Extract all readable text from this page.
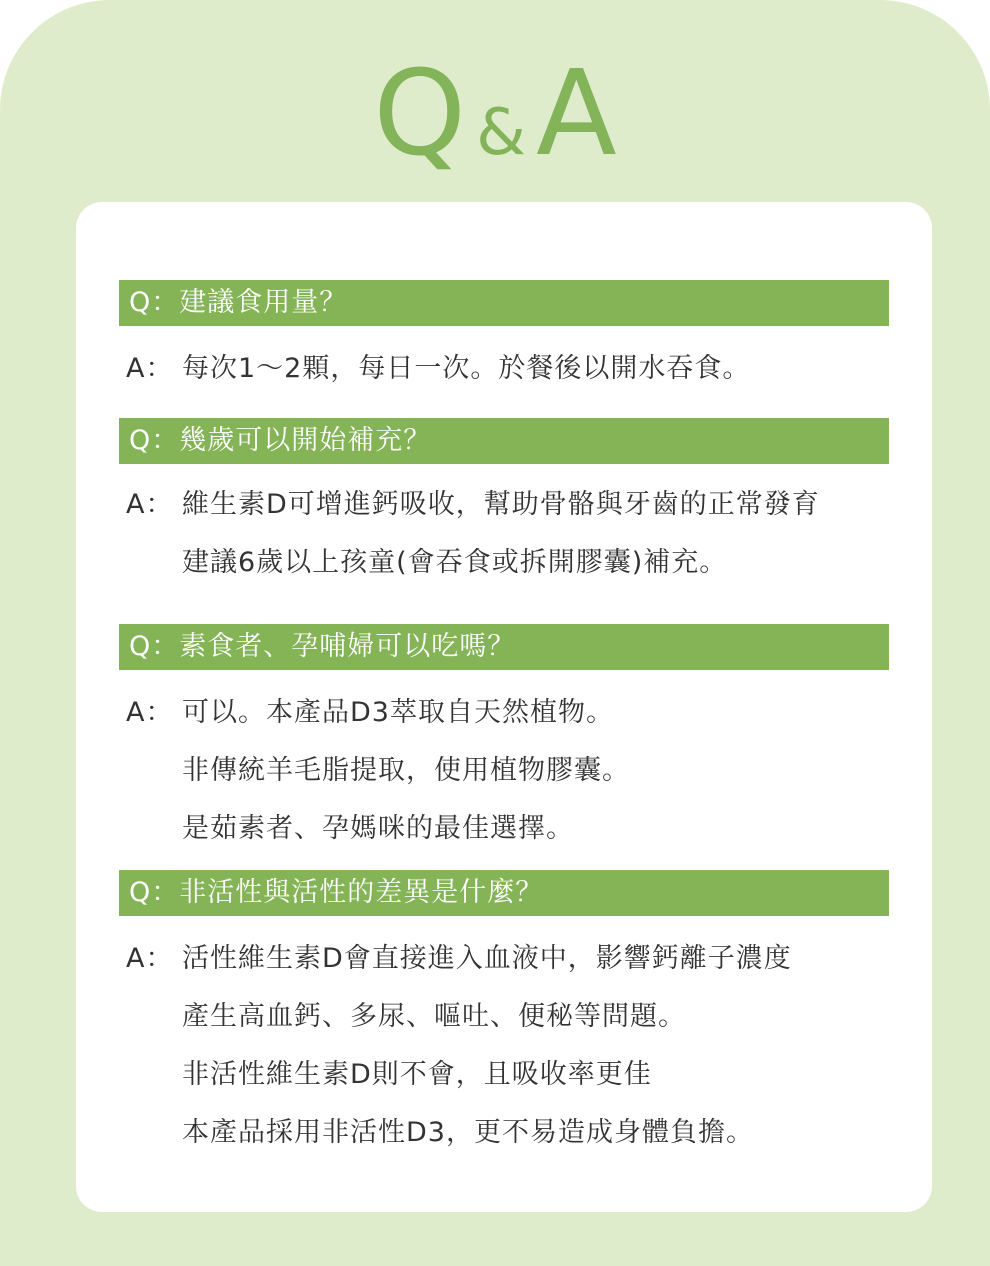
Q &A
Q：建議食用量？
A： 每次1～2顆，每日一次。於餐後以開水吞食。
Q：幾歲可以開始補充？
A： 維生素D可增進鈣吸收，幫助骨骼與牙齒的正常發育
建議6歲以上孩童(會吞食或拆開膠囊)補充。
Q：素食者、孕哺婦可以吃嗎？
A： 可以。本產品D3萃取自天然植物。
非傳統羊毛脂提取，使用植物膠囊。
是茹素者、孕媽咪的最佳選擇。
Q：非活性與活性的差異是什麼？
A： 活性維生素D會直接進入血液中，影響鈣離子濃度
產生高血鈣、多尿、嘔吐、便秘等問題。
非活性維生素D則不會，且吸收率更佳
本產品採用非活性D3，更不易造成身體負擔。
